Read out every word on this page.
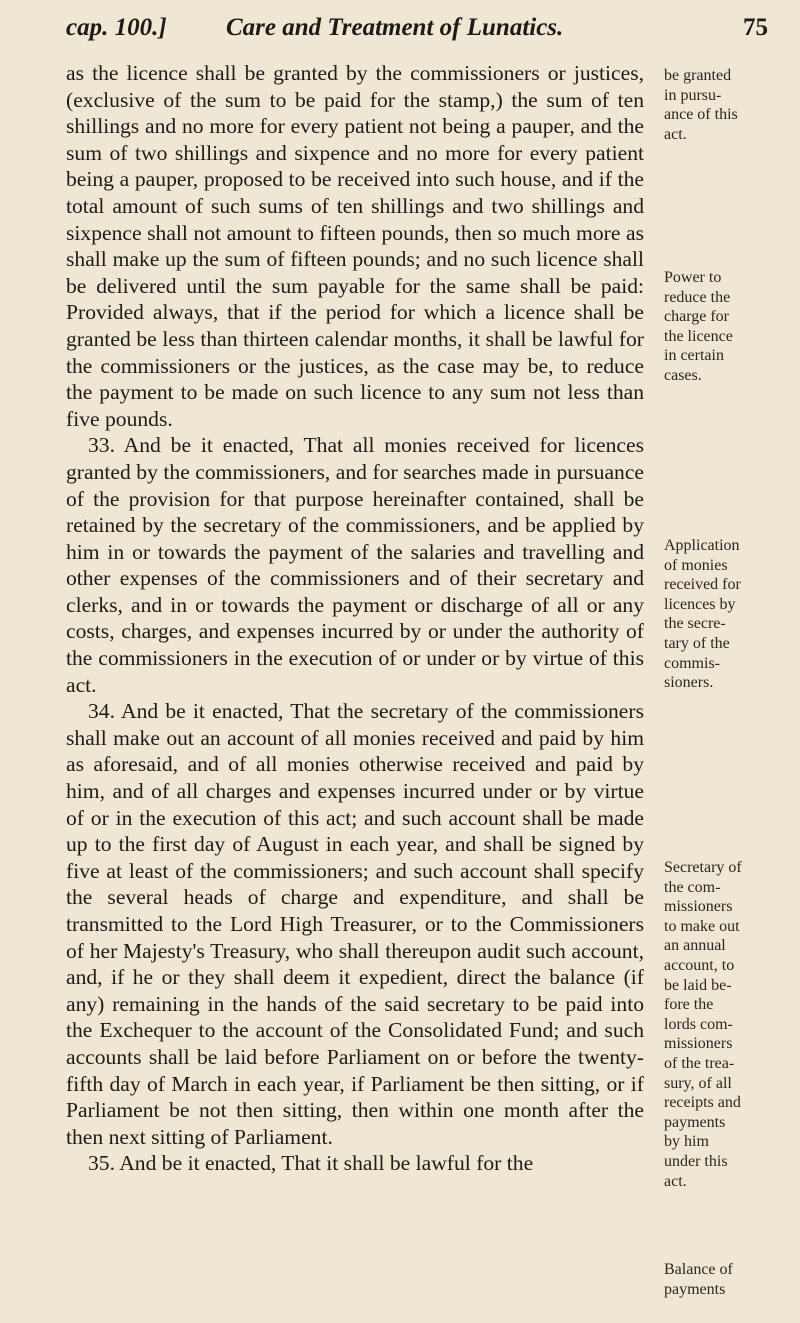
cap. 100.] Care and Treatment of Lunatics.	75

as the licence shall be granted by the commissioners or justices, (exclusive of the sum to be paid for the stamp,) the sum of ten shillings and no more for every patient not being a pauper, and the sum of two shillings and sixpence and no more for every patient being a pauper, proposed to be received into such house, and if the total amount of such sums of ten shillings and two shillings and sixpence shall not amount to fifteen pounds, then so much more as shall make up the sum of fifteen pounds; and no such licence shall be delivered until the sum payable for the same shall be paid: Provided always, that if the period for which a licence shall be granted be less than thirteen calendar months, it shall be lawful for the commissioners or the justices, as the case may be, to reduce the payment to be made on such licence to any sum not less than five pounds.

33. And be it enacted, That all monies received for licences granted by the commissioners, and for searches made in pursuance of the provision for that purpose hereinafter contained, shall be retained by the secretary of the commissioners, and be applied by him in or towards the payment of the salaries and travelling and other expenses of the commissioners and of their secretary and clerks, and in or towards the payment or discharge of all or any costs, charges, and expenses incurred by or under the authority of the commissioners in the execution of or under or by virtue of this act.

34. And be it enacted, That the secretary of the commissioners shall make out an account of all monies received and paid by him as aforesaid, and of all monies otherwise received and paid by him, and of all charges and expenses incurred under or by virtue of or in the execution of this act; and such account shall be made up to the first day of August in each year, and shall be signed by five at least of the commissioners; and such account shall specify the several heads of charge and expenditure, and shall be transmitted to the Lord High Treasurer, or to the Commissioners of her Majesty's Treasury, who shall thereupon audit such account, and, if he or they shall deem it expedient, direct the balance (if any) remaining in the hands of the said secretary to be paid into the Exchequer to the account of the Consolidated Fund; and such accounts shall be laid before Parliament on or before the twenty-fifth day of March in each year, if Parliament be then sitting, or if Parliament be not then sitting, then within one month after the then next sitting of Parliament.

35. And be it enacted, That it shall be lawful for the

be granted
in pursu-
ance of this
act.
Power to
reduce the
charge for
the licence
in certain
cases.
Application
of monies
received for
licences by
the secre-
tary of the
commis-
sioners.
Secretary of
the com-
missioners
to make out
an annual
account, to
be laid be-
fore the
lords com-
missioners
of the trea-
sury, of all
receipts and
payments
by him
under this
act.
Balance of
payments
